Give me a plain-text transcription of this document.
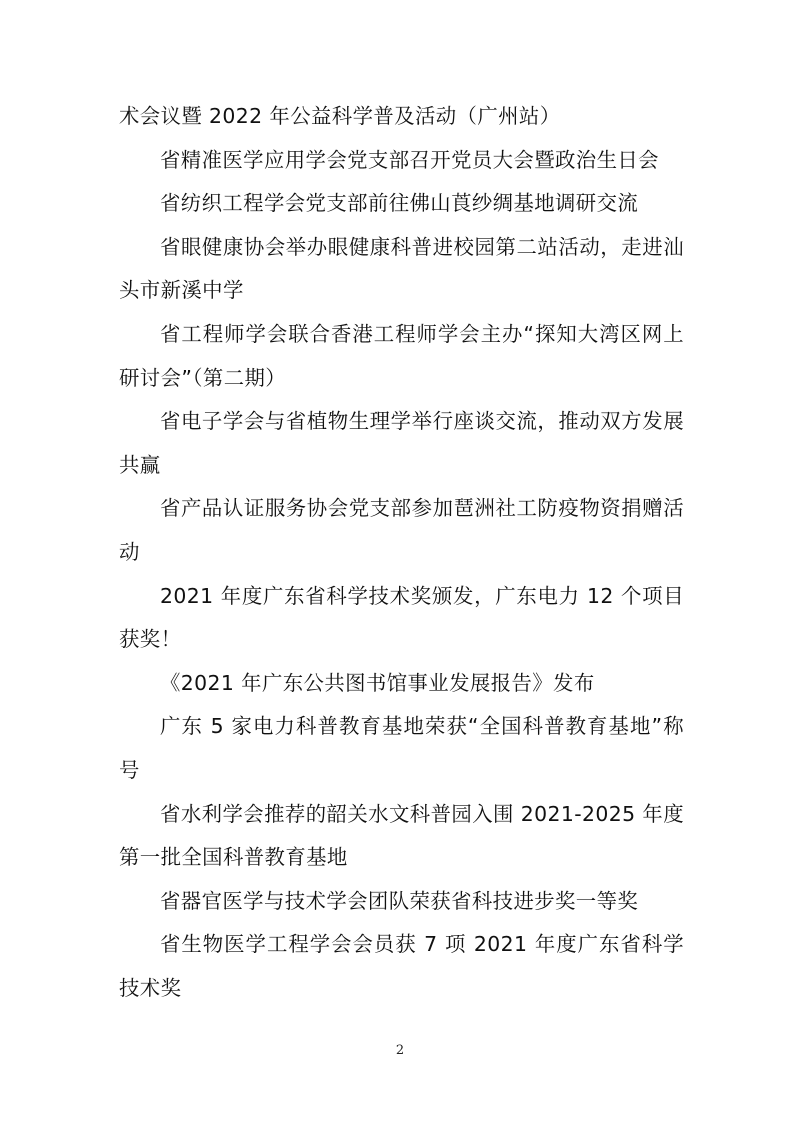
术会议暨 2022 年公益科学普及活动（广州站）

省精准医学应用学会党支部召开党员大会暨政治生日会

省纺织工程学会党支部前往佛山莨纱绸基地调研交流

省眼健康协会举办眼健康科普进校园第二站活动，走进汕头市新溪中学

省工程师学会联合香港工程师学会主办“探知大湾区网上研讨会”（第二期）

省电子学会与省植物生理学举行座谈交流，推动双方发展共赢

省产品认证服务协会党支部参加琶洲社工防疫物资捐赠活动

2021 年度广东省科学技术奖颁发，广东电力 12 个项目获奖！

《2021 年广东公共图书馆事业发展报告》发布

广东 5 家电力科普教育基地荣获“全国科普教育基地”称号

省水利学会推荐的韶关水文科普园入围 2021-2025 年度第一批全国科普教育基地

省器官医学与技术学会团队荣获省科技进步奖一等奖

省生物医学工程学会会员获 7 项 2021 年度广东省科学技术奖

2
